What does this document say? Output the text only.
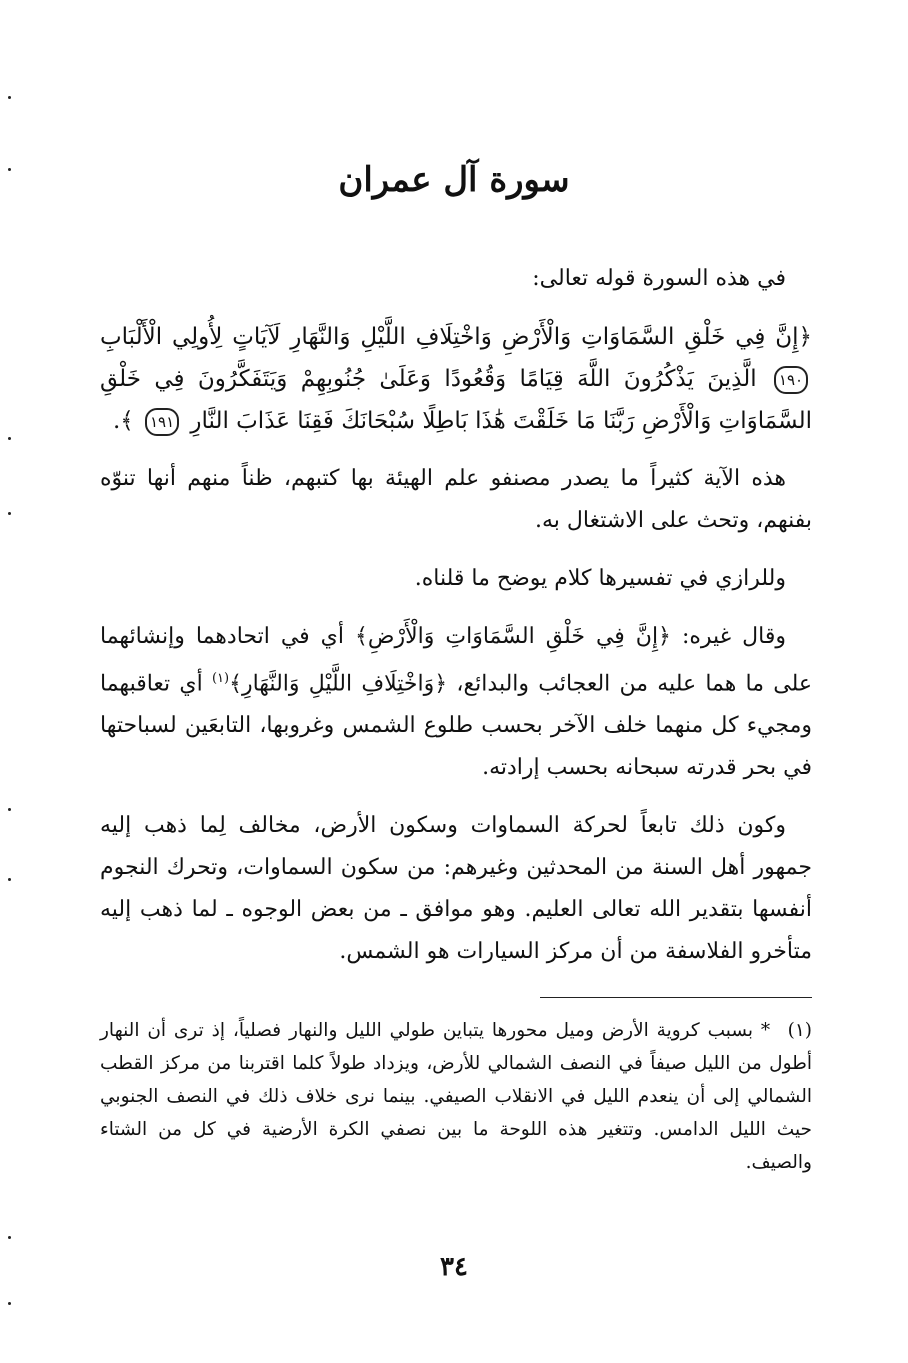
سورة آل عمران

في هذه السورة قوله تعالى:

﴿إِنَّ فِي خَلْقِ السَّمَاوَاتِ وَالْأَرْضِ وَاخْتِلَافِ اللَّيْلِ وَالنَّهَارِ لَآيَاتٍ لِأُولِي الْأَلْبَابِ ١٩٠ الَّذِينَ يَذْكُرُونَ اللَّهَ قِيَامًا وَقُعُودًا وَعَلَىٰ جُنُوبِهِمْ وَيَتَفَكَّرُونَ فِي خَلْقِ السَّمَاوَاتِ وَالْأَرْضِ رَبَّنَا مَا خَلَقْتَ هَٰذَا بَاطِلًا سُبْحَانَكَ فَقِنَا عَذَابَ النَّارِ ١٩١ ﴾.

هذه الآية كثيراً ما يصدر مصنفو علم الهيئة بها كتبهم، ظناً منهم أنها تنوّه بفنهم، وتحث على الاشتغال به.

وللرازي في تفسيرها كلام يوضح ما قلناه.

وقال غيره: ﴿إِنَّ فِي خَلْقِ السَّمَاوَاتِ وَالْأَرْضِ﴾ أي في اتحادهما وإنشائهما على ما هما عليه من العجائب والبدائع، ﴿وَاخْتِلَافِ اللَّيْلِ وَالنَّهَارِ﴾$^{(١)}$ أي تعاقبهما ومجيء كل منهما خلف الآخر بحسب طلوع الشمس وغروبها، التابعَين لسباحتها في بحر قدرته سبحانه بحسب إرادته.

وكون ذلك تابعاً لحركة السماوات وسكون الأرض، مخالف لِما ذهب إليه جمهور أهل السنة من المحدثين وغيرهم: من سكون السماوات، وتحرك النجوم أنفسها بتقدير الله تعالى العليم. وهو موافق ـ من بعض الوجوه ـ لما ذهب إليه متأخرو الفلاسفة من أن مركز السيارات هو الشمس.

(١) * بسبب كروية الأرض وميل محورها يتباين طولي الليل والنهار فصلياً، إذ ترى أن النهار أطول من الليل صيفاً في النصف الشمالي للأرض، ويزداد طولاً كلما اقتربنا من مركز القطب الشمالي إلى أن ينعدم الليل في الانقلاب الصيفي. بينما نرى خلاف ذلك في النصف الجنوبي حيث الليل الدامس. وتتغير هذه اللوحة ما بين نصفي الكرة الأرضية في كل من الشتاء والصيف.
٣٤
